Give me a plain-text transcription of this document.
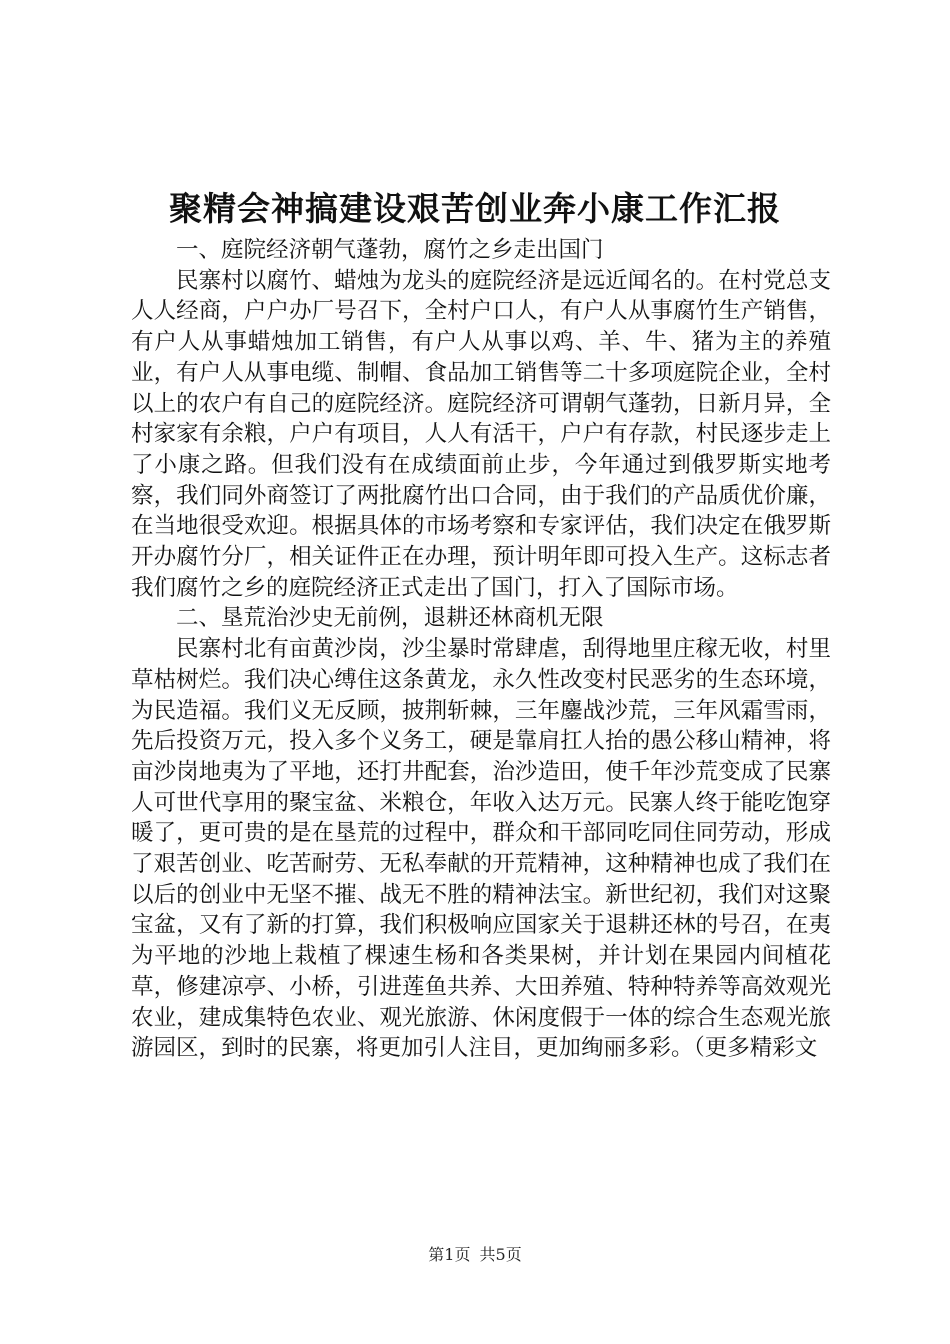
聚精会神搞建设艰苦创业奔小康工作汇报

一、庭院经济朝气蓬勃，腐竹之乡走出国门

民寨村以腐竹、蜡烛为龙头的庭院经济是远近闻名的。在村党总支人人经商，户户办厂号召下，全村户口人，有户人从事腐竹生产销售，有户人从事蜡烛加工销售，有户人从事以鸡、羊、牛、猪为主的养殖业，有户人从事电缆、制帽、食品加工销售等二十多项庭院企业，全村以上的农户有自己的庭院经济。庭院经济可谓朝气蓬勃，日新月异，全村家家有余粮，户户有项目，人人有活干，户户有存款，村民逐步走上了小康之路。但我们没有在成绩面前止步，今年通过到俄罗斯实地考察，我们同外商签订了两批腐竹出口合同，由于我们的产品质优价廉，在当地很受欢迎。根据具体的市场考察和专家评估，我们决定在俄罗斯开办腐竹分厂，相关证件正在办理，预计明年即可投入生产。这标志者我们腐竹之乡的庭院经济正式走出了国门，打入了国际市场。

二、垦荒治沙史无前例，退耕还林商机无限

民寨村北有亩黄沙岗，沙尘暴时常肆虐，刮得地里庄稼无收，村里草枯树烂。我们决心缚住这条黄龙，永久性改变村民恶劣的生态环境，为民造福。我们义无反顾，披荆斩棘，三年鏖战沙荒，三年风霜雪雨，先后投资万元，投入多个义务工，硬是靠肩扛人抬的愚公移山精神，将亩沙岗地夷为了平地，还打井配套，治沙造田，使千年沙荒变成了民寨人可世代享用的聚宝盆、米粮仓，年收入达万元。民寨人终于能吃饱穿暖了，更可贵的是在垦荒的过程中，群众和干部同吃同住同劳动，形成了艰苦创业、吃苦耐劳、无私奉献的开荒精神，这种精神也成了我们在以后的创业中无坚不摧、战无不胜的精神法宝。新世纪初，我们对这聚宝盆，又有了新的打算，我们积极响应国家关于退耕还林的号召，在夷为平地的沙地上栽植了棵速生杨和各类果树，并计划在果园内间植花草，修建凉亭、小桥，引进莲鱼共养、大田养殖、特种特养等高效观光农业，建成集特色农业、观光旅游、休闲度假于一体的综合生态观光旅游园区，到时的民寨，将更加引人注目，更加绚丽多彩。（更多精彩文

第1页 共5页
